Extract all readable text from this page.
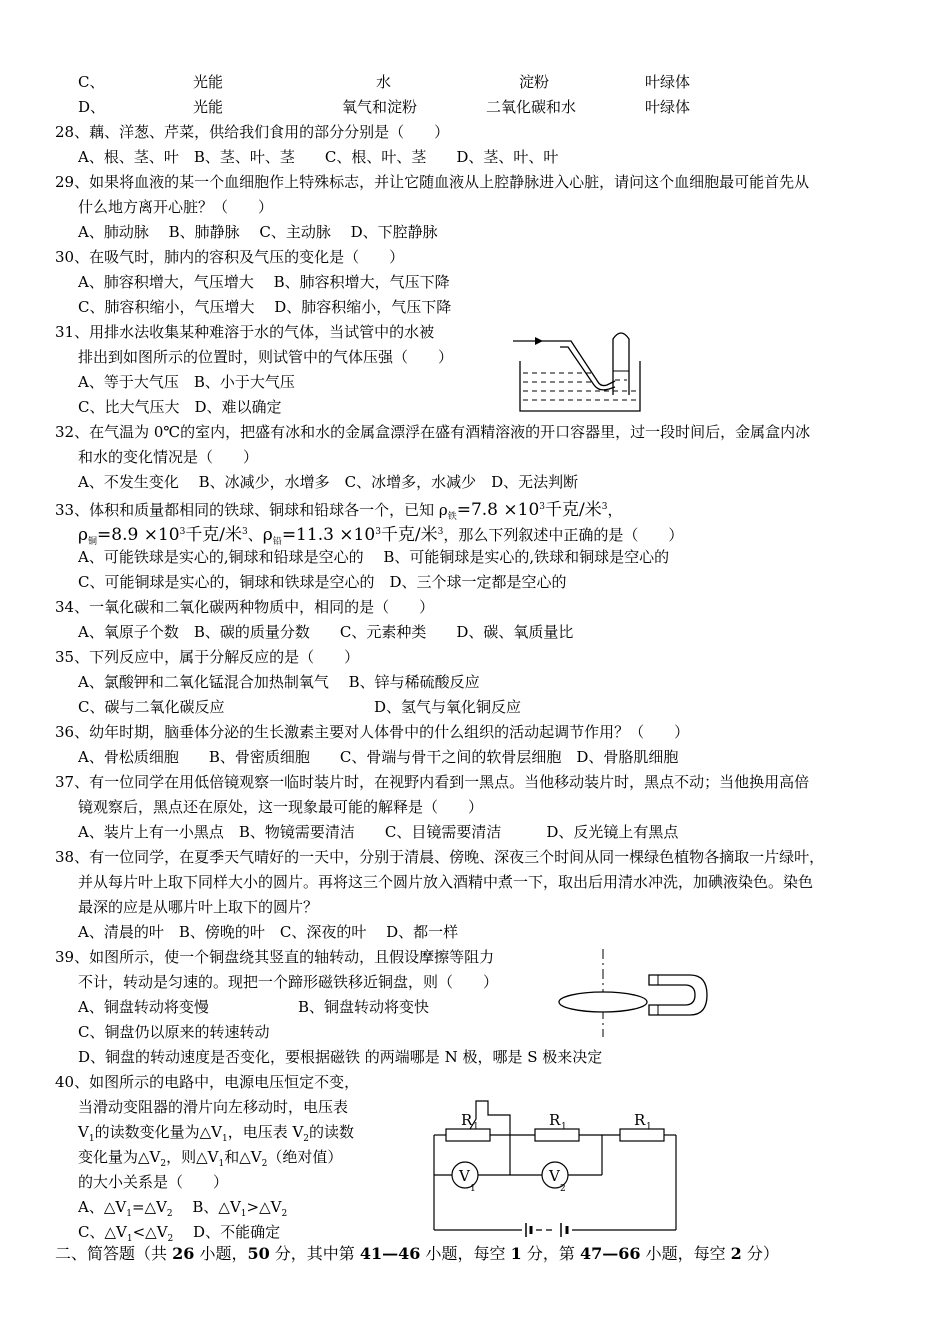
C、	光能	水	淀粉	叶绿体
D、	光能	氧气和淀粉	二氧化碳和水	叶绿体
28、藕、洋葱、芹菜，供给我们食用的部分分别是（　　）
A、根、茎、叶　B、茎、叶、茎　　C、根、叶、茎　　D、茎、叶、叶
29、如果将血液的某一个血细胞作上特殊标志，并让它随血液从上腔静脉进入心脏，请问这个血细胞最可能首先从
什么地方离开心脏？（　　）
A、肺动脉　 B、肺静脉　 C、主动脉　 D、下腔静脉
30、在吸气时，肺内的容积及气压的变化是（　　）
A、肺容积增大，气压增大　 B、肺容积增大，气压下降
C、肺容积缩小，气压增大　 D、肺容积缩小，气压下降
31、用排水法收集某种难溶于水的气体，当试管中的水被
排出到如图所示的位置时，则试管中的气体压强（　　）
A、等于大气压　B、小于大气压
C、比大气压大　D、难以确定
32、在气温为 0℃的室内，把盛有冰和水的金属盒漂浮在盛有酒精溶液的开口容器里，过一段时间后，金属盒内冰
和水的变化情况是（　　）
A、不发生变化　 B、冰减少，水增多　C、冰增多，水减少　D、无法判断
33、体积和质量都相同的铁球、铜球和铅球各一个，已知 $\rho_铁=7.8 \times 10^3$千克/米$^3$，
$\rho_铜=8.9 \times 10^3$千克/米$^3$、$\rho_铅=11.3 \times 10^3$千克/米$^3$，那么下列叙述中正确的是（　　）
A、可能铁球是实心的,铜球和铅球是空心的　 B、可能铜球是实心的,铁球和铜球是空心的
C、可能铜球是实心的，铜球和铁球是空心的　D、三个球一定都是空心的
34、一氧化碳和二氧化碳两种物质中，相同的是（　　）
A、氧原子个数　B、碳的质量分数　　C、元素种类　　D、碳、氧质量比
35、下列反应中，属于分解反应的是（　　）
A、氯酸钾和二氧化锰混合加热制氧气　 B、锌与稀硫酸反应
C、碳与二氧化碳反应	D、氢气与氧化铜反应
36、幼年时期，脑垂体分泌的生长激素主要对人体骨中的什么组织的活动起调节作用？（　　）
A、骨松质细胞　　B、骨密质细胞　　C、骨端与骨干之间的软骨层细胞　D、骨胳肌细胞
37、有一位同学在用低倍镜观察一临时装片时，在视野内看到一黑点。当他移动装片时，黑点不动；当他换用高倍
镜观察后，黑点还在原处，这一现象最可能的解释是（　　）
A、装片上有一小黑点　B、物镜需要清洁　　C、目镜需要清洁　　　D、反光镜上有黑点
38、有一位同学，在夏季天气晴好的一天中，分别于清晨、傍晚、深夜三个时间从同一棵绿色植物各摘取一片绿叶，
并从每片叶上取下同样大小的圆片。再将这三个圆片放入酒精中煮一下，取出后用清水冲洗，加碘液染色。染色
最深的应是从哪片叶上取下的圆片？
A、清晨的叶　B、傍晚的叶　C、深夜的叶　 D、都一样
39、如图所示，使一个铜盘绕其竖直的轴转动，且假设摩擦等阻力
不计，转动是匀速的。现把一个蹄形磁铁移近铜盘，则（　　）
A、铜盘转动将变慢	B、铜盘转动将变快
C、铜盘仍以原来的转速转动
D、铜盘的转动速度是否变化，要根据磁铁 的两端哪是 N 极，哪是 S 极来决定
40、如图所示的电路中，电源电压恒定不变，
当滑动变阻器的滑片向左移动时，电压表
$V_1$的读数变化量为$\triangle V_1$，电压表 $V_2$的读数
变化量为$\triangle V_2$，则$\triangle V_1$和$\triangle V_2$（绝对值）
的大小关系是（　　）
A、$\triangle V_1=\triangle V_2$　 B、$\triangle V_1>\triangle V_2$
C、$\triangle V_1<\triangle V_2$　 D、不能确定
R 1	R 1	R 1
V
1
V
2
二、简答题（共 26 小题，50 分，其中第 41—46 小题，每空 1 分，第 47—66 小题，每空 2 分）
